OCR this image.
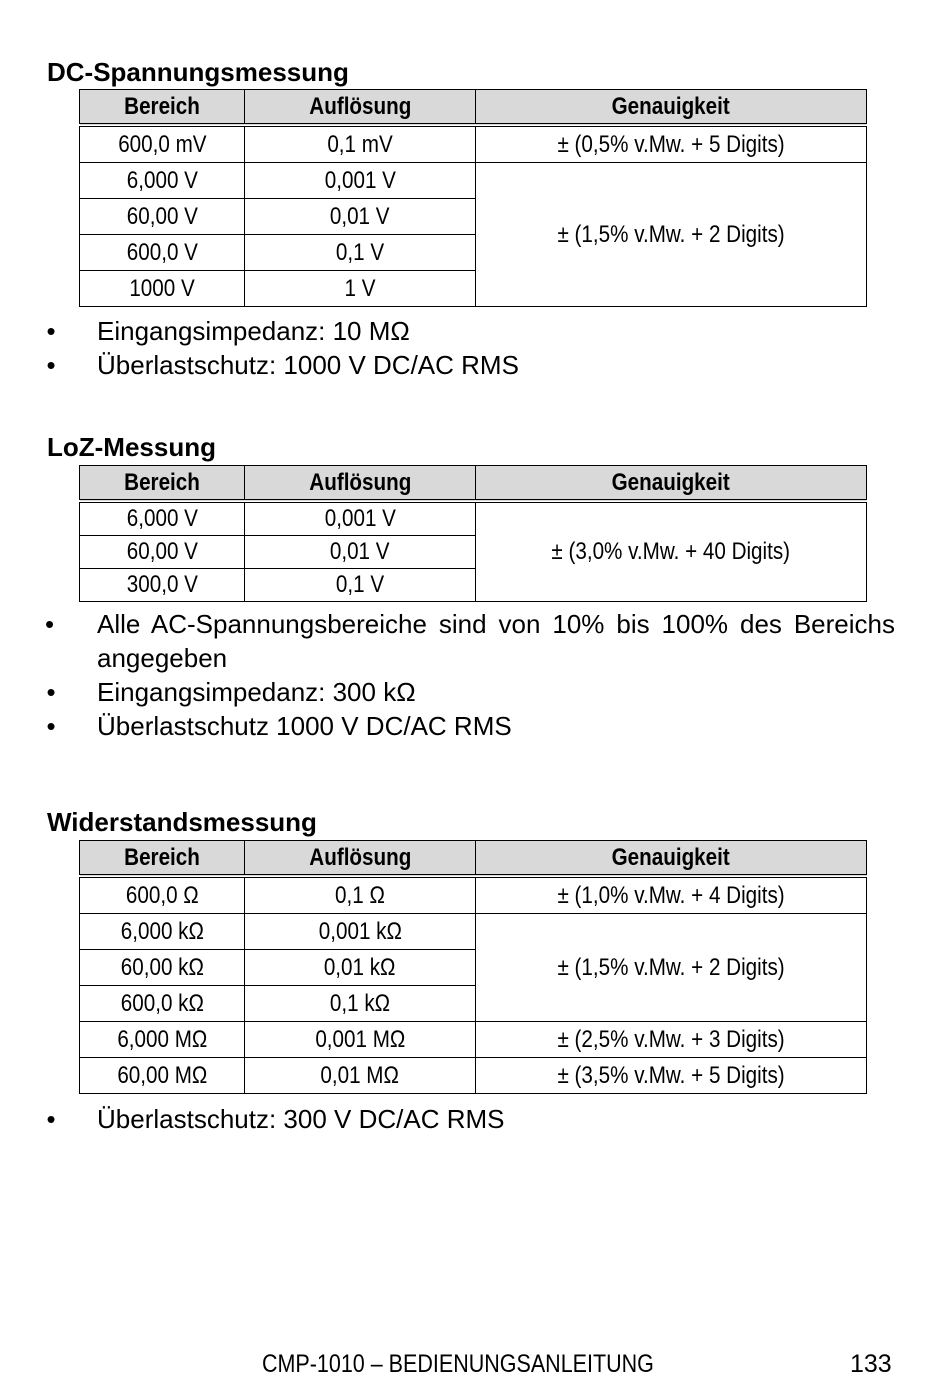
DC-Spannungsmessung
Bereich	Auflösung	Genauigkeit
600,0 mV	0,1 mV	± (0,5% v.Mw. + 5 Digits)
6,000 V	0,001 V	± (1,5% v.Mw. + 2 Digits)
60,00 V	0,01 V	
600,0 V	0,1 V	
1000 V	1 V	
• Eingangsimpedanz: 10 MΩ
• Überlastschutz: 1000 V DC/AC RMS
LoZ-Messung
Bereich	Auflösung	Genauigkeit
6,000 V	0,001 V	± (3,0% v.Mw. + 40 Digits)
60,00 V	0,01 V	
300,0 V	0,1 V	
• Alle AC-Spannungsbereiche sind von 10% bis 100% des Bereichs angegeben
• Eingangsimpedanz: 300 kΩ
• Überlastschutz 1000 V DC/AC RMS
Widerstandsmessung
Bereich	Auflösung	Genauigkeit
600,0 Ω	0,1 Ω	± (1,0% v.Mw. + 4 Digits)
6,000 kΩ	0,001 kΩ	± (1,5% v.Mw. + 2 Digits)
60,00 kΩ	0,01 kΩ	
600,0 kΩ	0,1 kΩ	
6,000 MΩ	0,001 MΩ	± (2,5% v.Mw. + 3 Digits)
60,00 MΩ	0,01 MΩ	± (3,5% v.Mw. + 5 Digits)
• Überlastschutz: 300 V DC/AC RMS
CMP-1010 – BEDIENUNGSANLEITUNG	133
